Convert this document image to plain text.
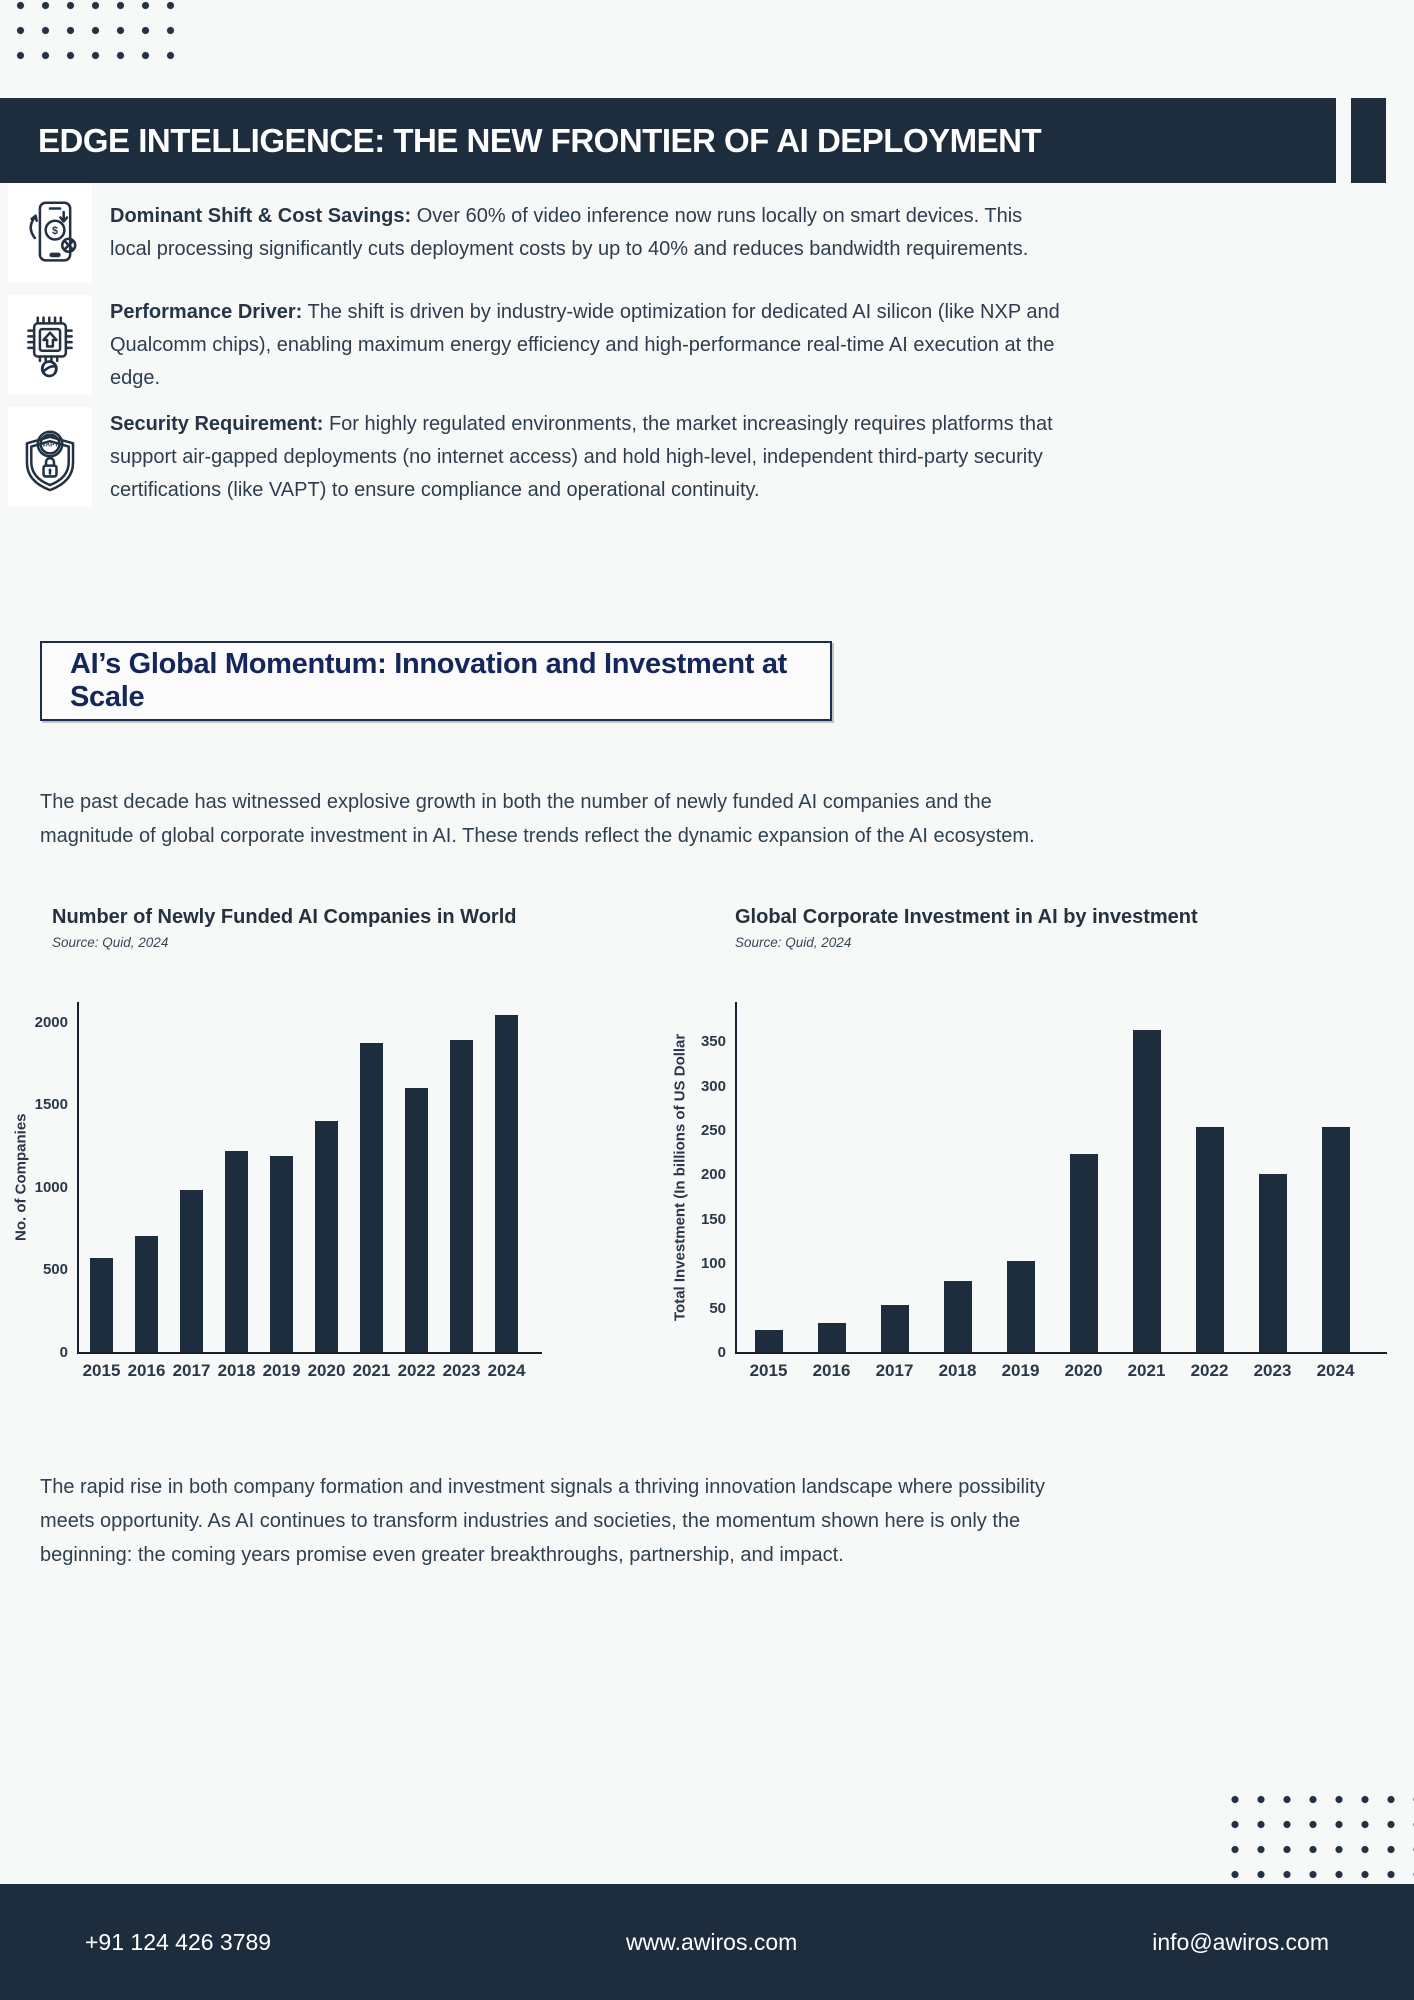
EDGE INTELLIGENCE: THE NEW FRONTIER OF AI DEPLOYMENT
$
Dominant Shift & Cost Savings: Over 60% of video inference now runs locally on smart devices. This local processing significantly cuts deployment costs by up to 40% and reduces bandwidth requirements.
Performance Driver: The shift is driven by industry-wide optimization for dedicated AI silicon (like NXP and Qualcomm chips), enabling maximum energy efficiency and high-performance real-time AI execution at the edge.
VAPT
Security Requirement: For highly regulated environments, the market increasingly requires platforms that support air-gapped deployments (no internet access) and hold high-level, independent third-party security certifications (like VAPT) to ensure compliance and operational continuity.
AI’s Global Momentum: Innovation and Investment at Scale

The past decade has witnessed explosive growth in both the number of newly funded AI companies and the magnitude of global corporate investment in AI. These trends reflect the dynamic expansion of the AI ecosystem.

Number of Newly Funded AI Companies in World
Source: Quid, 2024
No. of Companies
0
500
1000
1500
2000
2015 2016 2017 2018 2019 2020 2021 2022 2023 2024
Global Corporate Investment in AI by investment
Source: Quid, 2024
Total Investment (In billions of US Dollar
0
50
100
150
200
250
300
350
2015 2016 2017 2018 2019 2020 2021 2022 2023 2024

The rapid rise in both company formation and investment signals a thriving innovation landscape where possibility meets opportunity. As AI continues to transform industries and societies, the momentum shown here is only the beginning: the coming years promise even greater breakthroughs, partnership, and impact.

+91 124 426 3789	www.awiros.com	info@awiros.com
